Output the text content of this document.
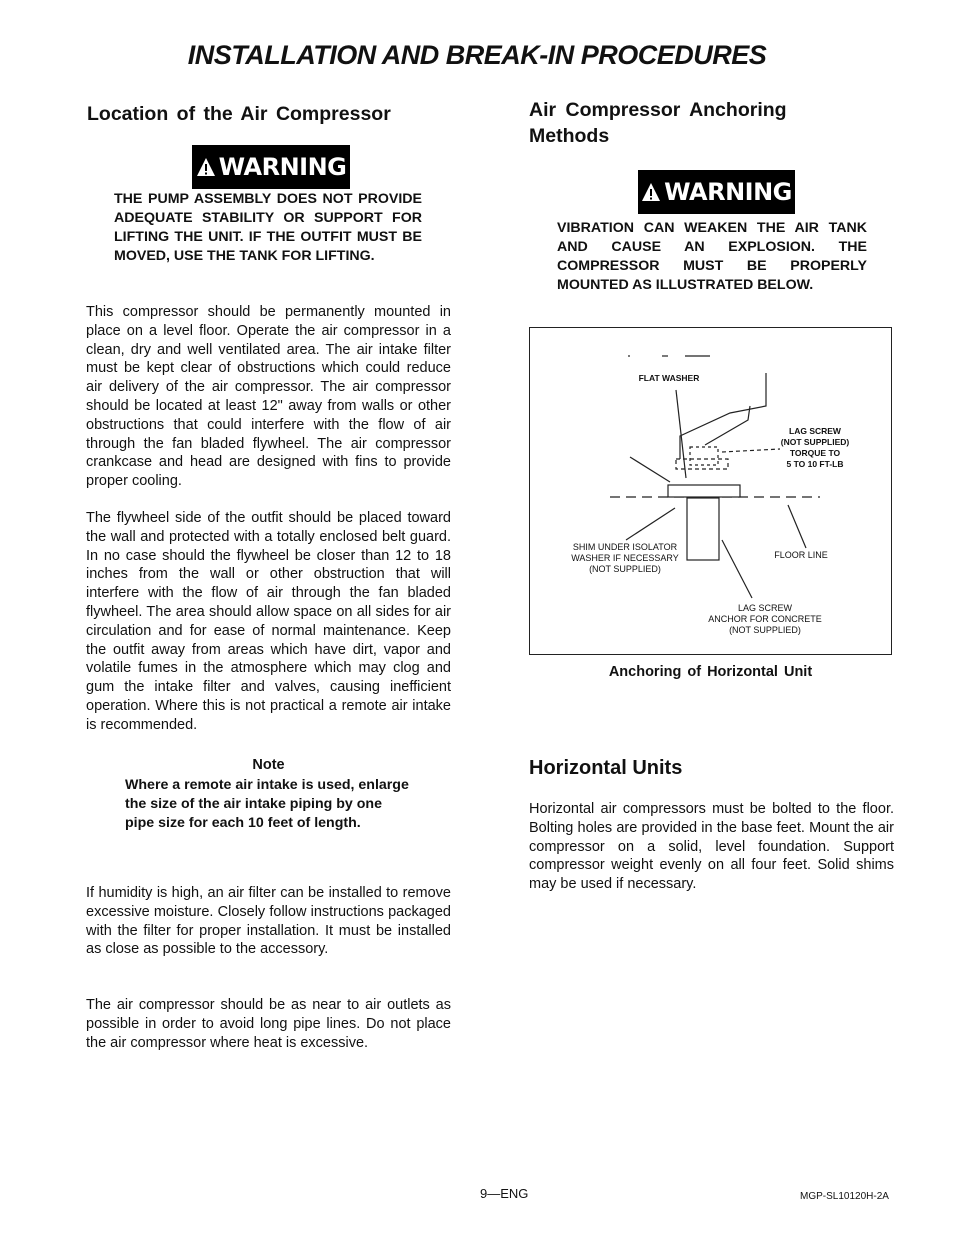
INSTALLATION AND BREAK-IN PROCEDURES
Location of the Air Compressor
WARNING
THE PUMP ASSEMBLY DOES NOT PROVIDE ADEQUATE STABILITY OR SUPPORT FOR LIFTING THE UNIT. IF THE OUTFIT MUST BE MOVED, USE THE TANK FOR LIFTING.
This compressor should be permanently mounted in place on a level floor. Operate the air compressor in a clean, dry and well ventilated area. The air intake filter must be kept clear of obstructions which could reduce air delivery of the air compressor. The air compressor should be located at least 12" away from walls or other obstructions that could interfere with the flow of air through the fan bladed flywheel. The air compressor crankcase and head are designed with fins to provide proper cooling.
The flywheel side of the outfit should be placed toward the wall and protected with a totally enclosed belt guard. In no case should the flywheel be closer than 12 to 18 inches from the wall or other obstruction that will interfere with the flow of air through the fan bladed flywheel. The area should allow space on all sides for air circulation and for ease of normal maintenance. Keep the outfit away from areas which have dirt, vapor and volatile fumes in the atmosphere which may clog and gum the intake filter and valves, causing inefficient operation. Where this is not practical a remote air intake is recommended.
Note
Where a remote air intake is used, enlarge the size of the air intake piping by one pipe size for each 10 feet of length.
If humidity is high, an air filter can be installed to remove excessive moisture. Closely follow instructions packaged with the filter for proper installation. It must be installed as close as possible to the accessory.
The air compressor should be as near to air outlets as possible in order to avoid long pipe lines. Do not place the air compressor where heat is excessive.
Air Compressor Anchoring Methods
WARNING
VIBRATION CAN WEAKEN THE AIR TANK AND CAUSE AN EXPLOSION. THE COMPRESSOR MUST BE PROPERLY MOUNTED AS ILLUSTRATED BELOW.
FLAT WASHER
LAG SCREW
(NOT SUPPLIED)
TORQUE TO
5 TO 10 FT-LB
SHIM UNDER ISOLATOR
WASHER IF NECESSARY
(NOT SUPPLIED)
FLOOR LINE
LAG SCREW
ANCHOR FOR CONCRETE
(NOT SUPPLIED)
Anchoring of Horizontal Unit
Horizontal Units
Horizontal air compressors must be bolted to the floor. Bolting holes are provided in the base feet. Mount the air compressor on a solid, level foundation. Support compressor weight evenly on all four feet. Solid shims may be used if necessary.
9—ENG	MGP-SL10120H-2A
